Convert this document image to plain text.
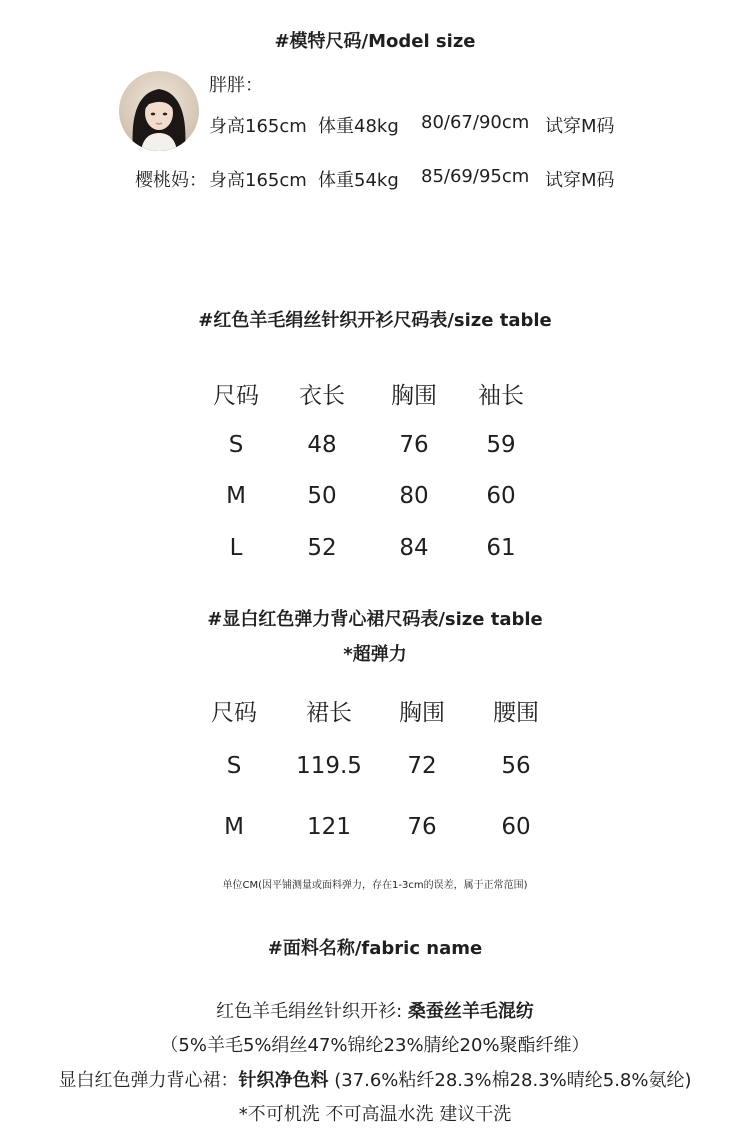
#模特尺码/Model size
胖胖：
身高165cm 体重48kg 80/67/90cm 试穿M码
樱桃妈： 身高165cm 体重54kg 85/69/95cm 试穿M码
#红色羊毛绢丝针织开衫尺码表/size table
尺码	衣长	胸围	袖长
S	48	76	59
M	50	80	60
L	52	84	61
#显白红色弹力背心裙尺码表/size table
*超弹力
尺码	裙长	胸围	腰围
S	119.5	72	56
M	121	76	60
单位CM(因平铺测量或面料弹力，存在1-3cm的误差，属于正常范围)
#面料名称/fabric name
红色羊毛绢丝针织开衫: 桑蚕丝羊毛混纺
（5%羊毛5%绢丝47%锦纶23%腈纶20%聚酯纤维）
显白红色弹力背心裙：针织净色料 (37.6%粘纤28.3%棉28.3%晴纶5.8%氨纶)
*不可机洗 不可高温水洗 建议干洗
